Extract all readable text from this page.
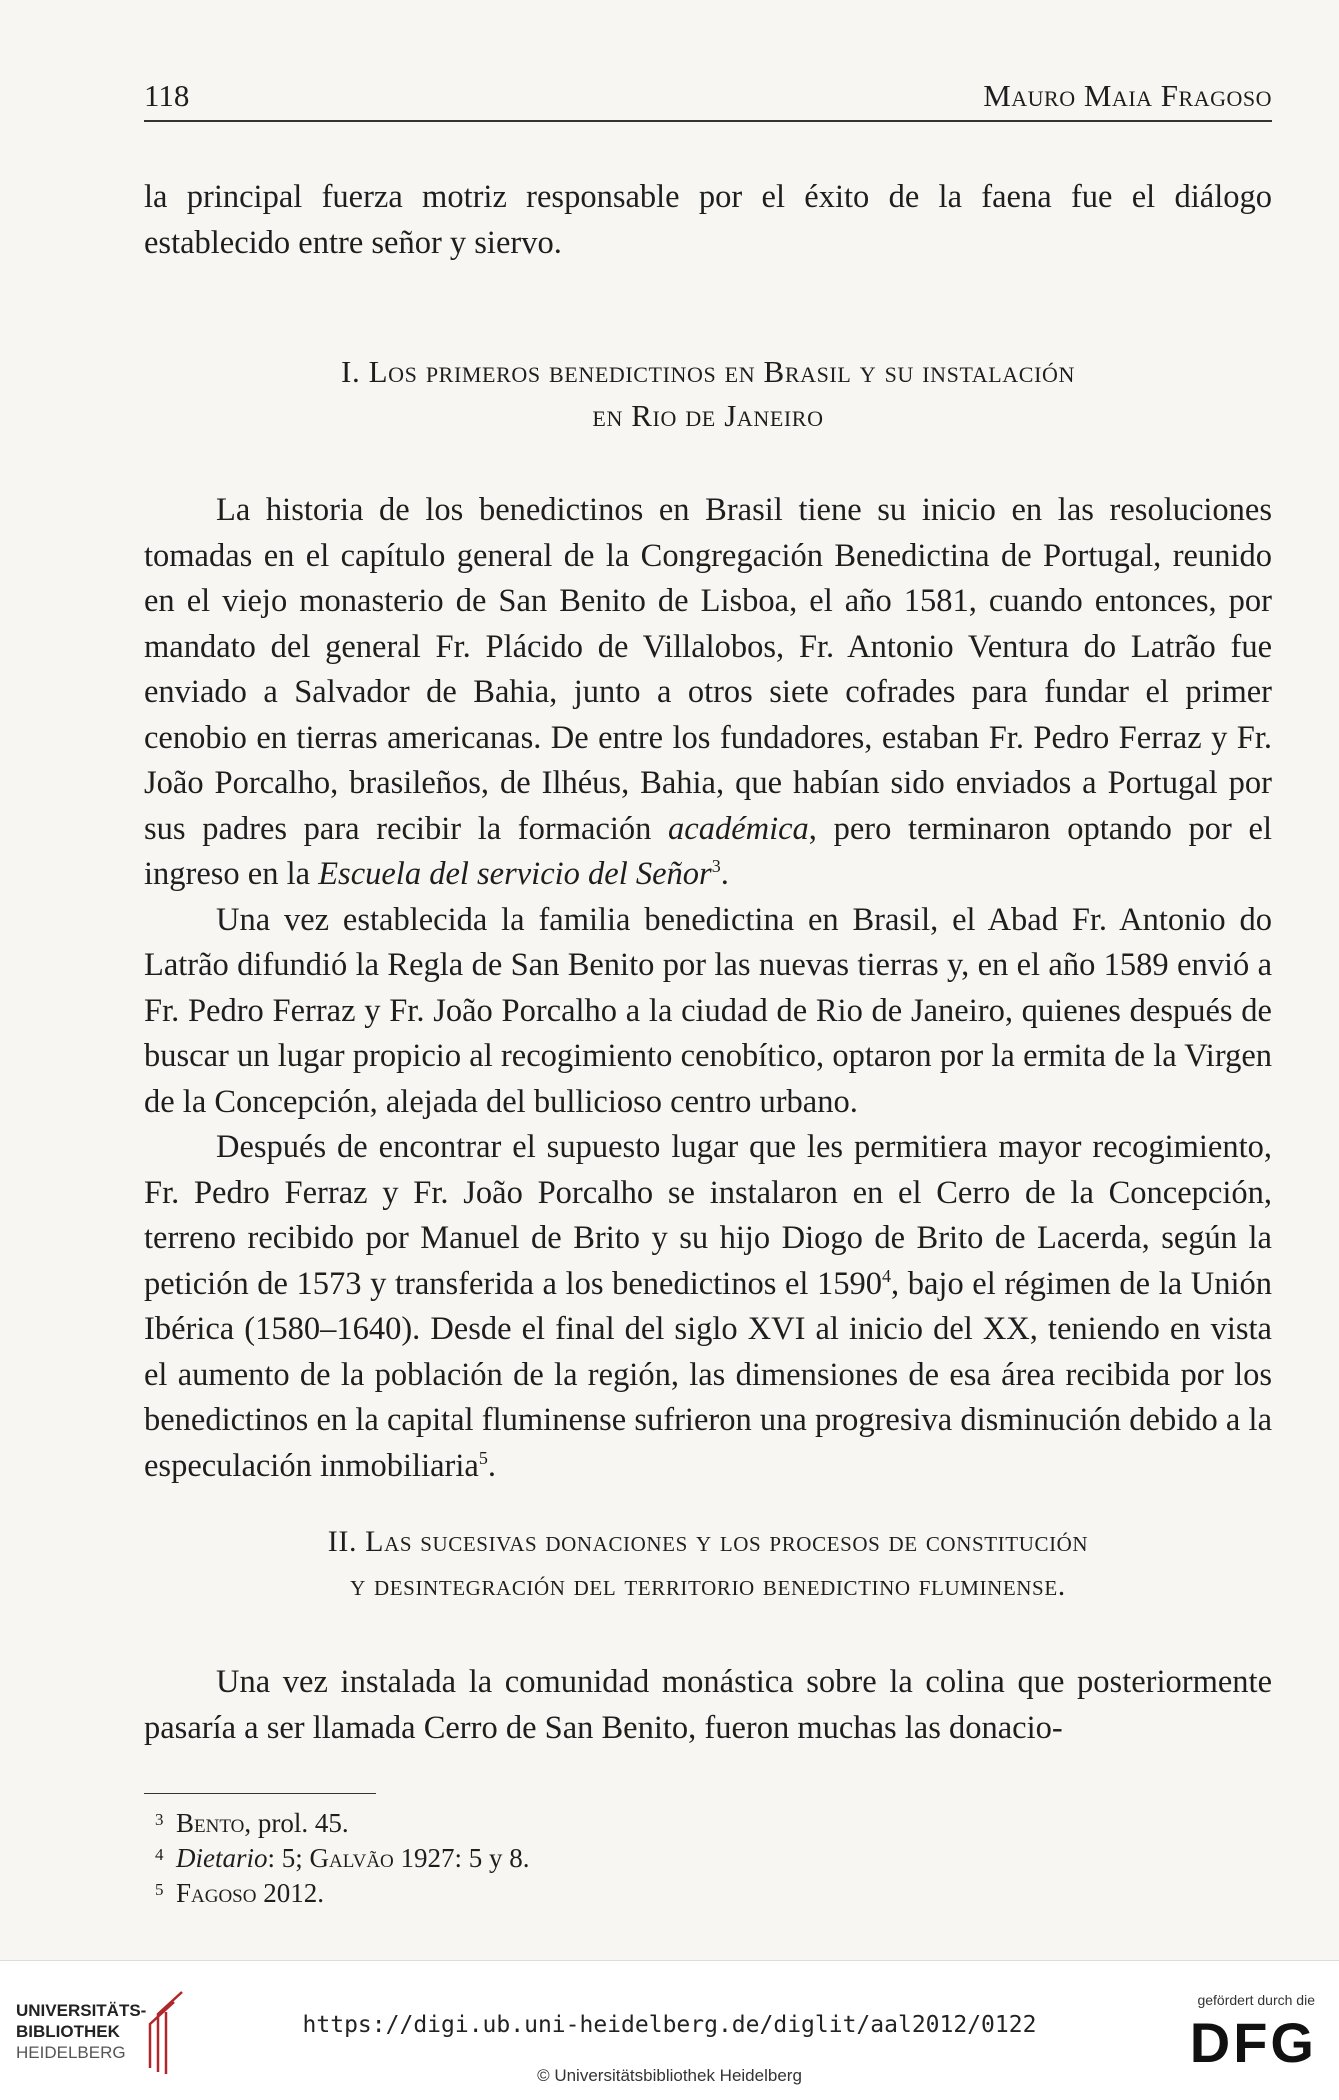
118	Mauro Maia Fragoso

la principal fuerza motriz responsable por el éxito de la faena fue el diálogo establecido entre señor y siervo.

I. Los primeros benedictinos en Brasil y su instalación
en Rio de Janeiro

La historia de los benedictinos en Brasil tiene su inicio en las resoluciones tomadas en el capítulo general de la Congregación Benedictina de Portugal, reunido en el viejo monasterio de San Benito de Lisboa, el año 1581, cuando entonces, por mandato del general Fr. Plácido de Villalobos, Fr. Antonio Ventura do Latrão fue enviado a Salvador de Bahia, junto a otros siete cofrades para fundar el primer cenobio en tierras americanas. De entre los fundadores, estaban Fr. Pedro Ferraz y Fr. João Porcalho, brasileños, de Ilhéus, Bahia, que habían sido enviados a Portugal por sus padres para recibir la formación académica, pero terminaron optando por el ingreso en la Escuela del servicio del Señor$^3$.

Una vez establecida la familia benedictina en Brasil, el Abad Fr. Antonio do Latrão difundió la Regla de San Benito por las nuevas tierras y, en el año 1589 envió a Fr. Pedro Ferraz y Fr. João Porcalho a la ciudad de Rio de Janeiro, quienes después de buscar un lugar propicio al recogimiento cenobítico, optaron por la ermita de la Virgen de la Concepción, alejada del bullicioso centro urbano.

Después de encontrar el supuesto lugar que les permitiera mayor recogimiento, Fr. Pedro Ferraz y Fr. João Porcalho se instalaron en el Cerro de la Concepción, terreno recibido por Manuel de Brito y su hijo Diogo de Brito de Lacerda, según la petición de 1573 y transferida a los benedictinos el 1590$^4$, bajo el régimen de la Unión Ibérica (1580–1640). Desde el final del siglo XVI al inicio del XX, teniendo en vista el aumento de la población de la región, las dimensiones de esa área recibida por los benedictinos en la capital fluminense sufrieron una progresiva disminución debido a la especulación inmobiliaria$^5$.

II. Las sucesivas donaciones y los procesos de constitución
y desintegración del territorio benedictino fluminense.

Una vez instalada la comunidad monástica sobre la colina que posteriormente pasaría a ser llamada Cerro de San Benito, fueron muchas las donacio-

3 Bento, prol. 45.
4 Dietario: 5; Galvão 1927: 5 y 8.
5 Fagoso 2012.
UNIVERSITÄTS-
BIBLIOTHEK
HEIDELBERG
https://digi.ub.uni-heidelberg.de/diglit/aal2012/0122
© Universitätsbibliothek Heidelberg
gefördert durch die
DFG
